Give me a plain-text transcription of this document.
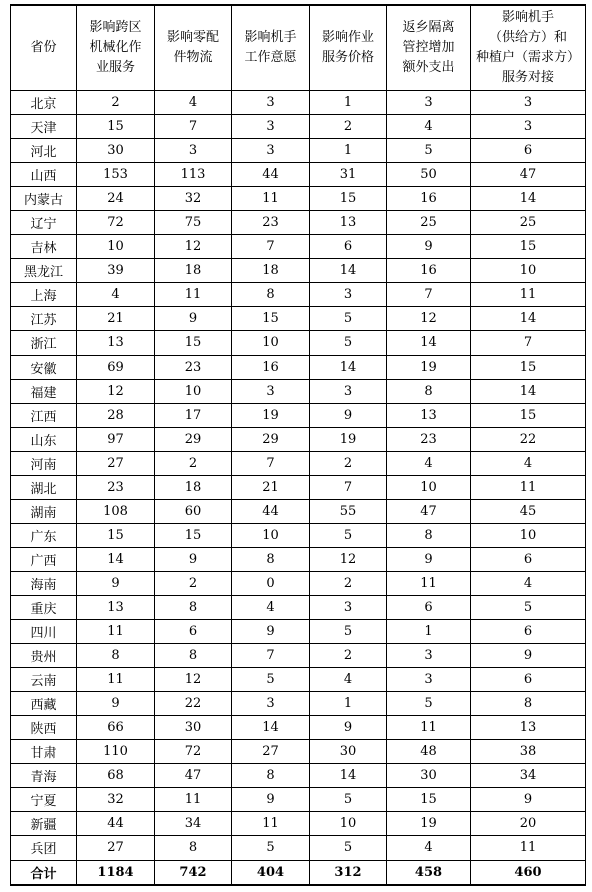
省份	影响跨区
机械化作
业服务	影响零配
件物流	影响机手
工作意愿	影响作业
服务价格	返乡隔离
管控增加
额外支出	影响机手
（供给方）和
种植户（需求方）
服务对接

北京	2	4	3	1	3	3
天津	15	7	3	2	4	3
河北	30	3	3	1	5	6
山西	153	113	44	31	50	47
内蒙古	24	32	11	15	16	14
辽宁	72	75	23	13	25	25
吉林	10	12	7	6	9	15
黑龙江	39	18	18	14	16	10
上海	4	11	8	3	7	11
江苏	21	9	15	5	12	14
浙江	13	15	10	5	14	7
安徽	69	23	16	14	19	15
福建	12	10	3	3	8	14
江西	28	17	19	9	13	15
山东	97	29	29	19	23	22
河南	27	2	7	2	4	4
湖北	23	18	21	7	10	11
湖南	108	60	44	55	47	45
广东	15	15	10	5	8	10
广西	14	9	8	12	9	6
海南	9	2	0	2	11	4
重庆	13	8	4	3	6	5
四川	11	6	9	5	1	6
贵州	8	8	7	2	3	9
云南	11	12	5	4	3	6
西藏	9	22	3	1	5	8
陕西	66	30	14	9	11	13
甘肃	110	72	27	30	48	38
青海	68	47	8	14	30	34
宁夏	32	11	9	5	15	9
新疆	44	34	11	10	19	20
兵团	27	8	5	5	4	11
合计	1184	742	404	312	458	460
